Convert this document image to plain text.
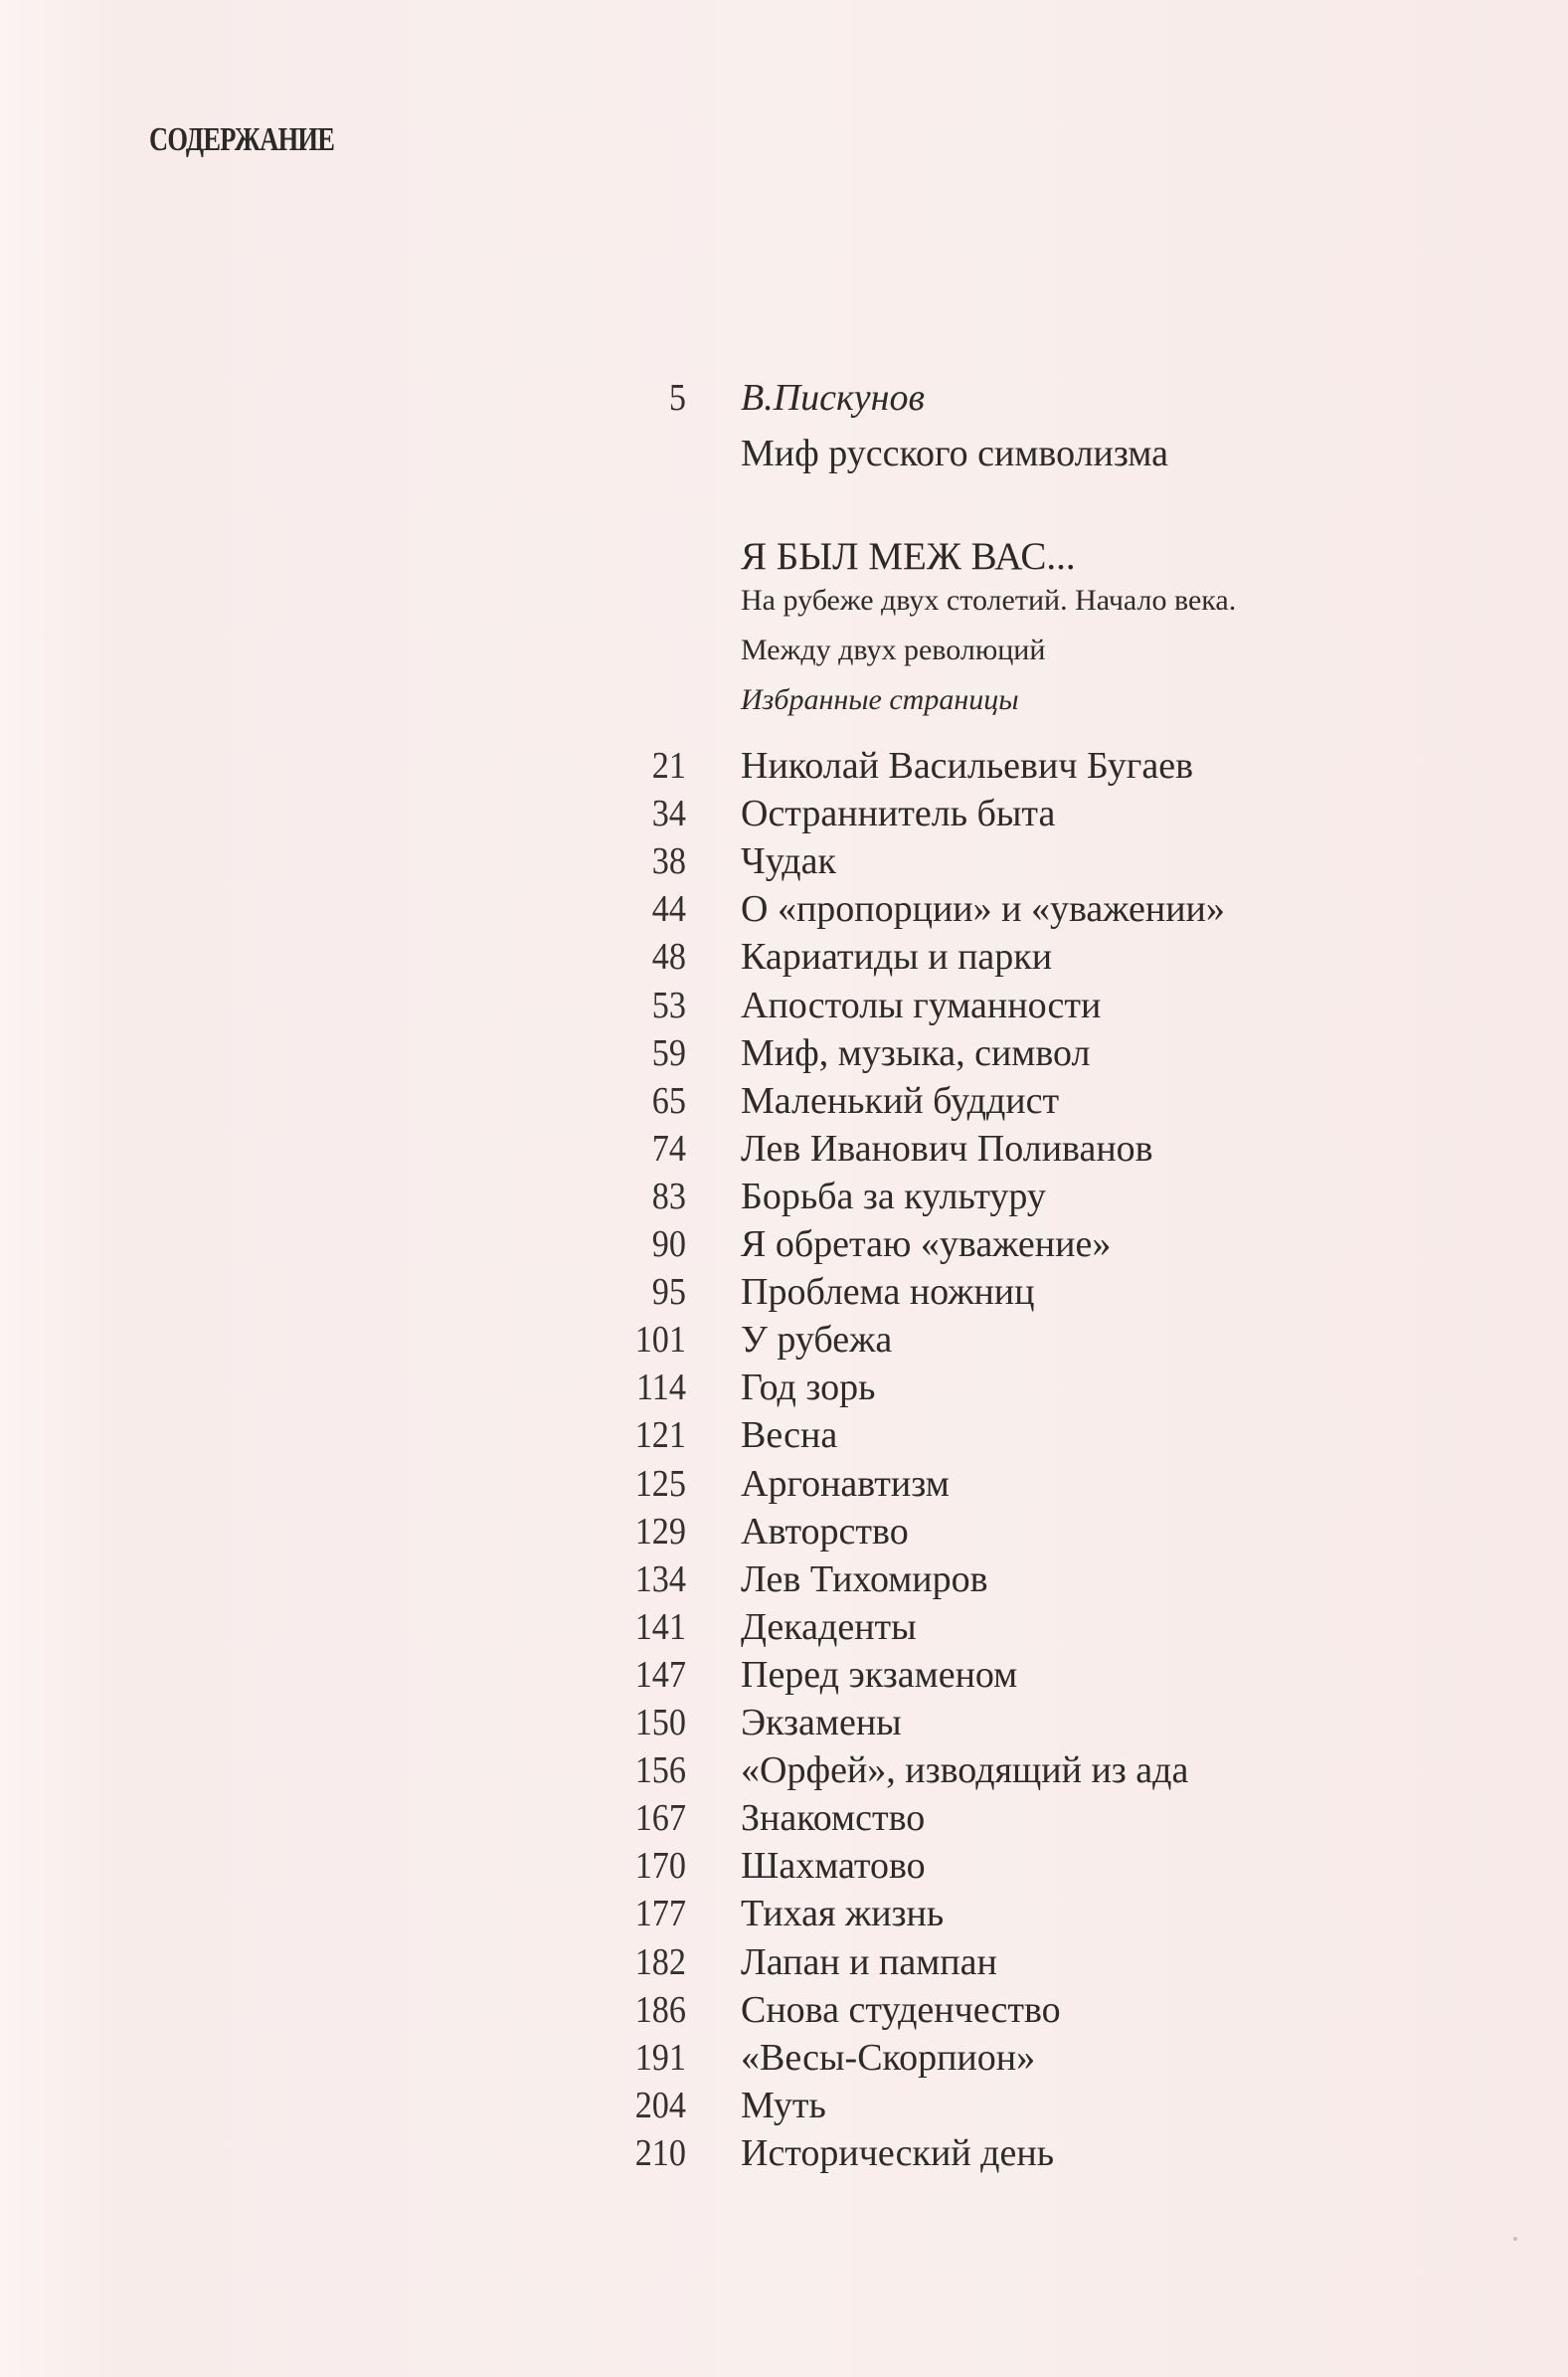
СОДЕРЖАНИЕ
5 В.Пискунов
Миф русского символизма
Я БЫЛ МЕЖ ВАС...
На рубеже двух столетий. Начало века.
Между двух революций
Избранные страницы
21 Николай Васильевич Бугаев
34 Остраннитель быта
38 Чудак
44 О «пропорции» и «уважении»
48 Кариатиды и парки
53 Апостолы гуманности
59 Миф, музыка, символ
65 Маленький буддист
74 Лев Иванович Поливанов
83 Борьба за культуру
90 Я обретаю «уважение»
95 Проблема ножниц
101 У рубежа
114 Год зорь
121 Весна
125 Аргонавтизм
129 Авторство
134 Лев Тихомиров
141 Декаденты
147 Перед экзаменом
150 Экзамены
156 «Орфей», изводящий из ада
167 Знакомство
170 Шахматово
177 Тихая жизнь
182 Лапан и пампан
186 Снова студенчество
191 «Весы-Скорпион»
204 Муть
210 Исторический день
